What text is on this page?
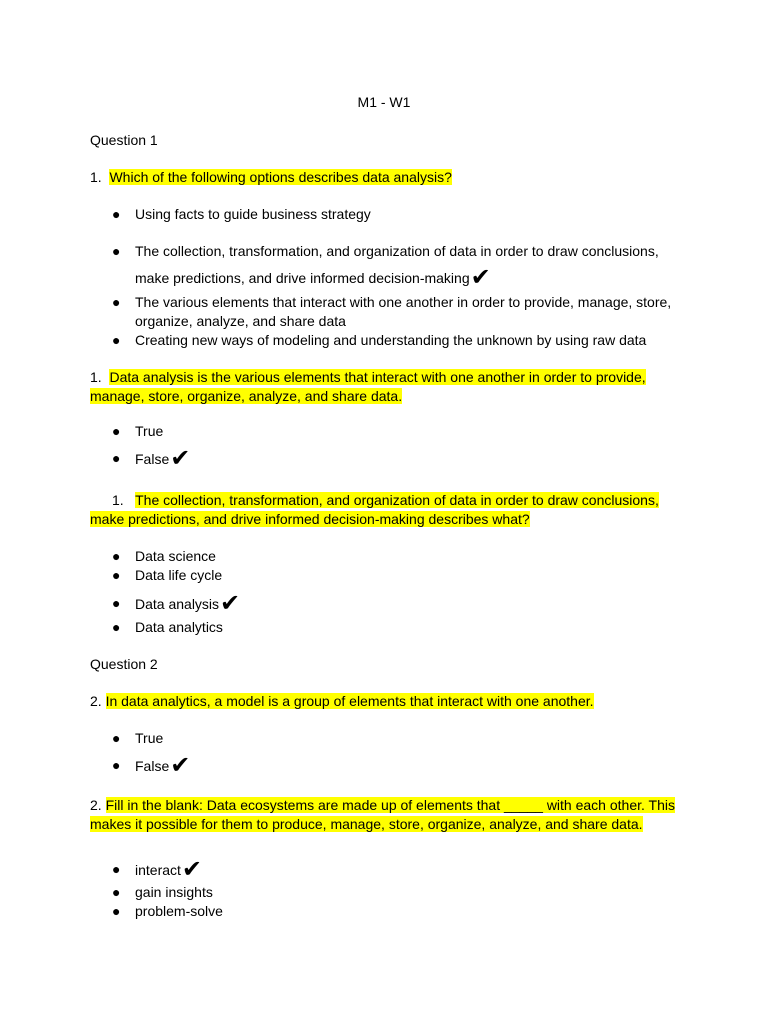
M1 - W1
Question 1
1. Which of the following options describes data analysis?
● Using facts to guide business strategy
● The collection, transformation, and organization of data in order to draw conclusions,
make predictions, and drive informed decision-making✔
● The various elements that interact with one another in order to provide, manage, store,
organize, analyze, and share data
● Creating new ways of modeling and understanding the unknown by using raw data
1. Data analysis is the various elements that interact with one another in order to provide, manage, store, organize, analyze, and share data.
● True
● False✔
1. The collection, transformation, and organization of data in order to draw conclusions,
make predictions, and drive informed decision-making describes what?
● Data science
● Data life cycle
● Data analysis✔
● Data analytics
Question 2
2. In data analytics, a model is a group of elements that interact with one another.
● True
● False✔
2. Fill in the blank: Data ecosystems are made up of elements that _____ with each other. This makes it possible for them to produce, manage, store, organize, analyze, and share data.
● interact✔
● gain insights
● problem-solve
